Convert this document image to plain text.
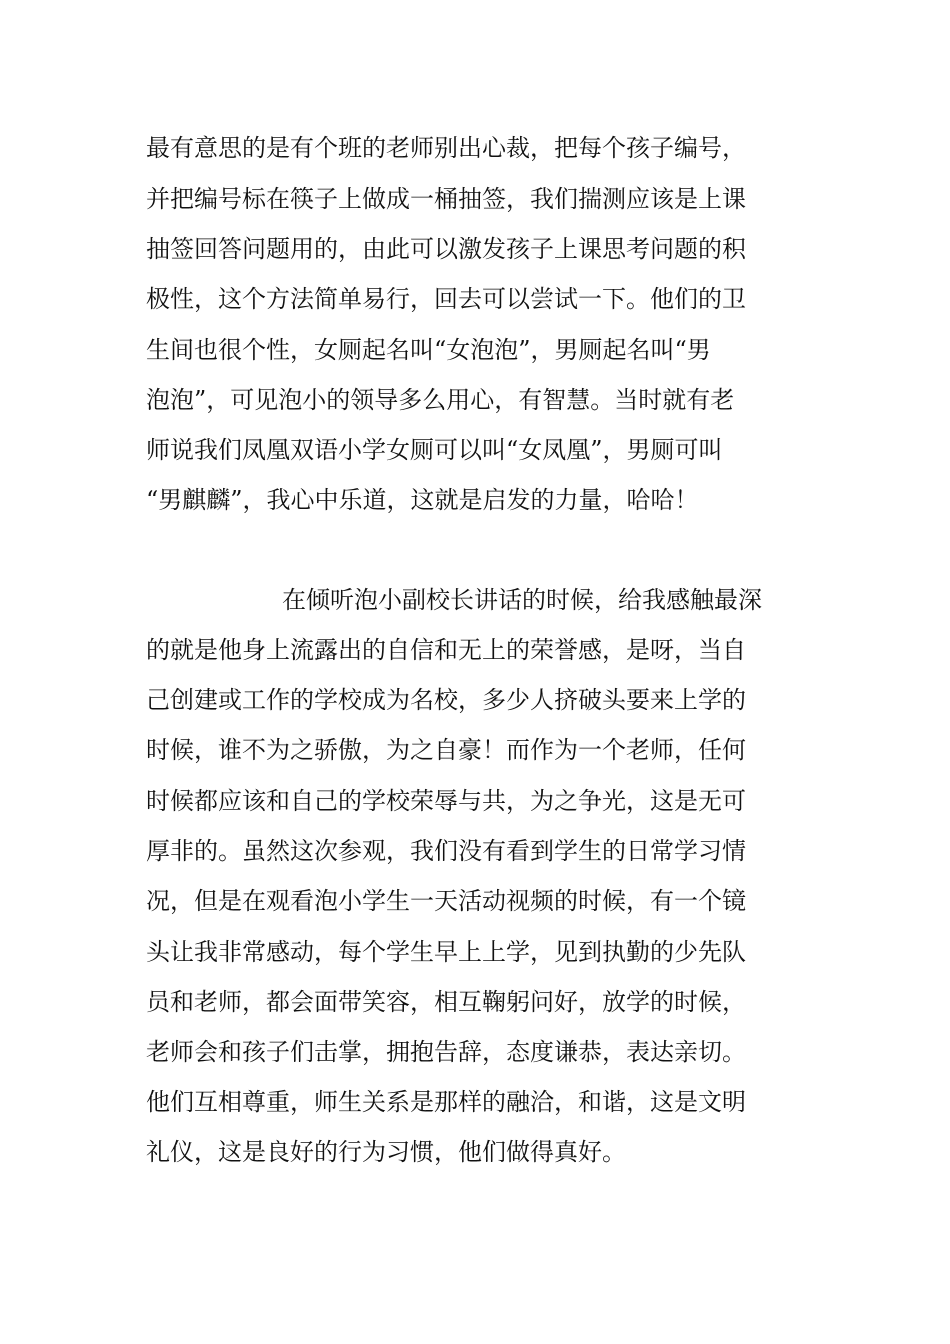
最有意思的是有个班的老师别出心裁，把每个孩子编号，
并把编号标在筷子上做成一桶抽签，我们揣测应该是上课
抽签回答问题用的，由此可以激发孩子上课思考问题的积
极性，这个方法简单易行，回去可以尝试一下。他们的卫
生间也很个性，女厕起名叫“女泡泡”，男厕起名叫“男
泡泡”，可见泡小的领导多么用心，有智慧。当时就有老
师说我们凤凰双语小学女厕可以叫“女凤凰”，男厕可叫
“男麒麟”，我心中乐道，这就是启发的力量，哈哈！
在倾听泡小副校长讲话的时候，给我感触最深
的就是他身上流露出的自信和无上的荣誉感，是呀，当自
己创建或工作的学校成为名校，多少人挤破头要来上学的
时候，谁不为之骄傲，为之自豪！而作为一个老师，任何
时候都应该和自己的学校荣辱与共，为之争光，这是无可
厚非的。虽然这次参观，我们没有看到学生的日常学习情
况，但是在观看泡小学生一天活动视频的时候，有一个镜
头让我非常感动，每个学生早上上学，见到执勤的少先队
员和老师，都会面带笑容，相互鞠躬问好，放学的时候，
老师会和孩子们击掌，拥抱告辞，态度谦恭，表达亲切。
他们互相尊重，师生关系是那样的融洽，和谐，这是文明
礼仪，这是良好的行为习惯，他们做得真好。
